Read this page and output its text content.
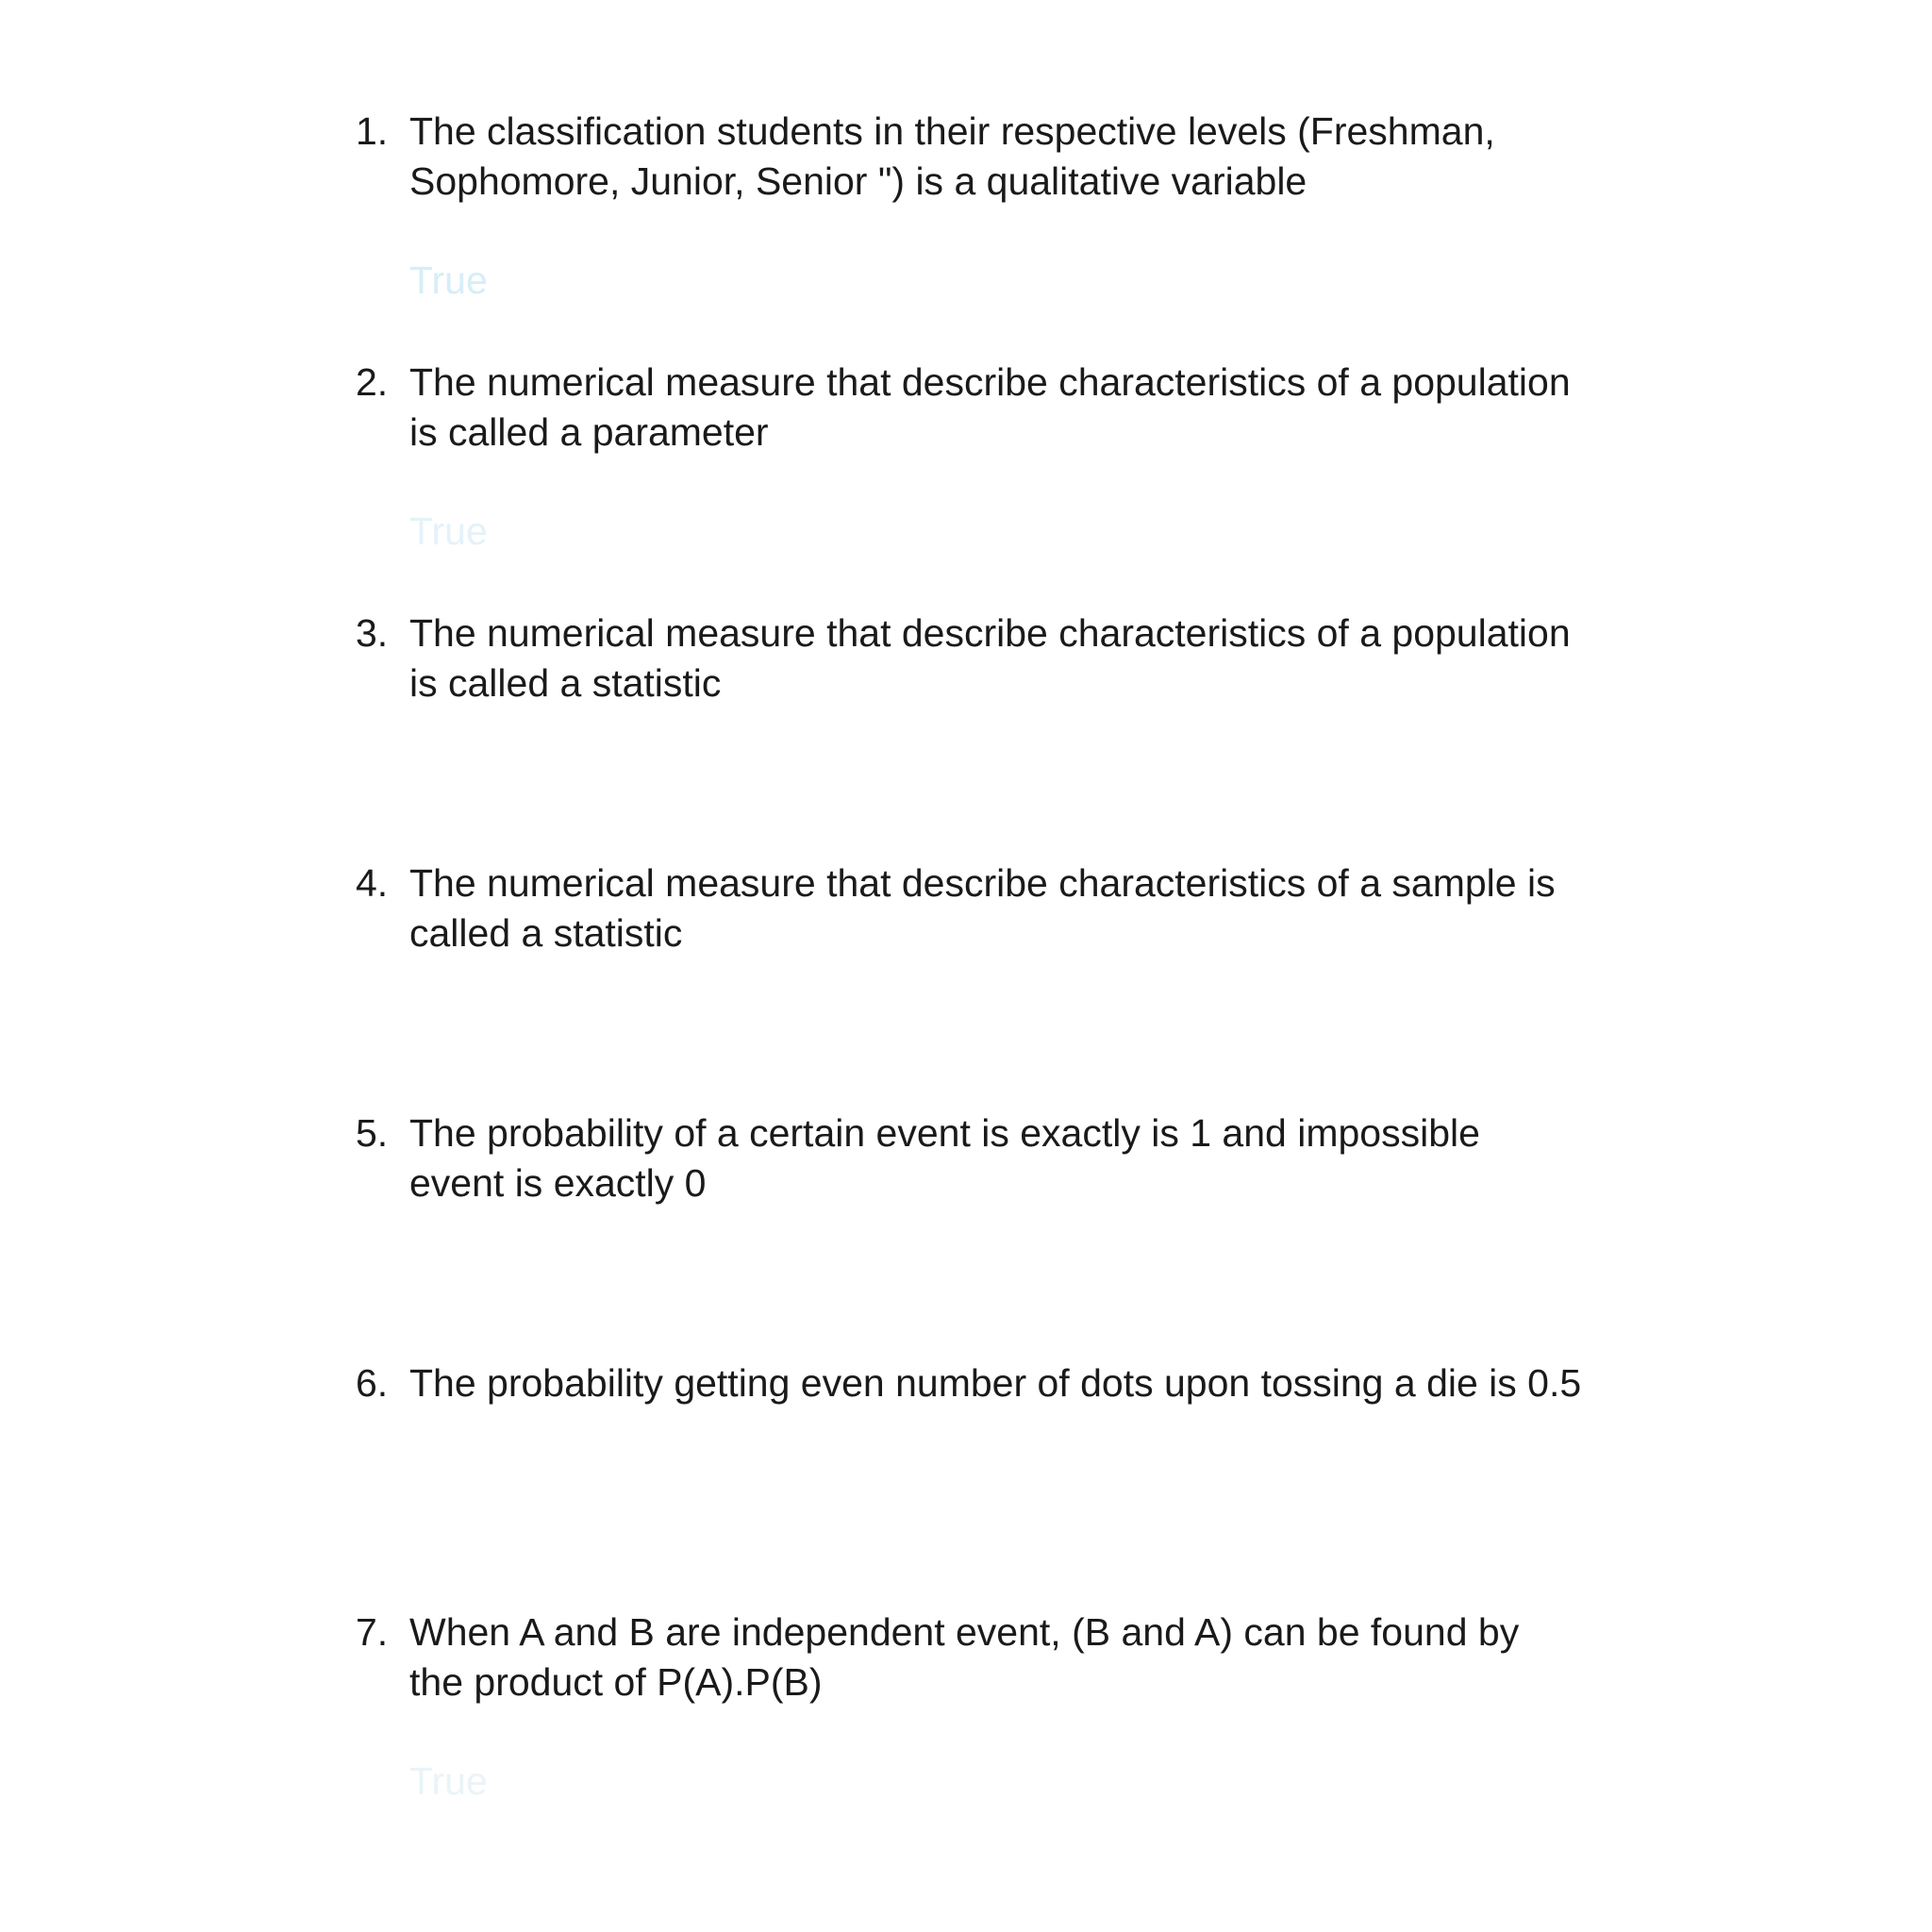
1. The classification students in their respective levels (Freshman, Sophomore, Junior, Senior ") is a qualitative variable
True
2. The numerical measure that describe characteristics of a population is called a parameter
True
3. The numerical measure that describe characteristics of a population is called a statistic
4. The numerical measure that describe characteristics of a sample is called a statistic
5. The probability of a certain event is exactly is 1 and impossible event is exactly 0
6. The probability getting even number of dots upon tossing a die is 0.5
7. When A and B are independent event, (B and A) can be found by the product of P(A).P(B)
True
